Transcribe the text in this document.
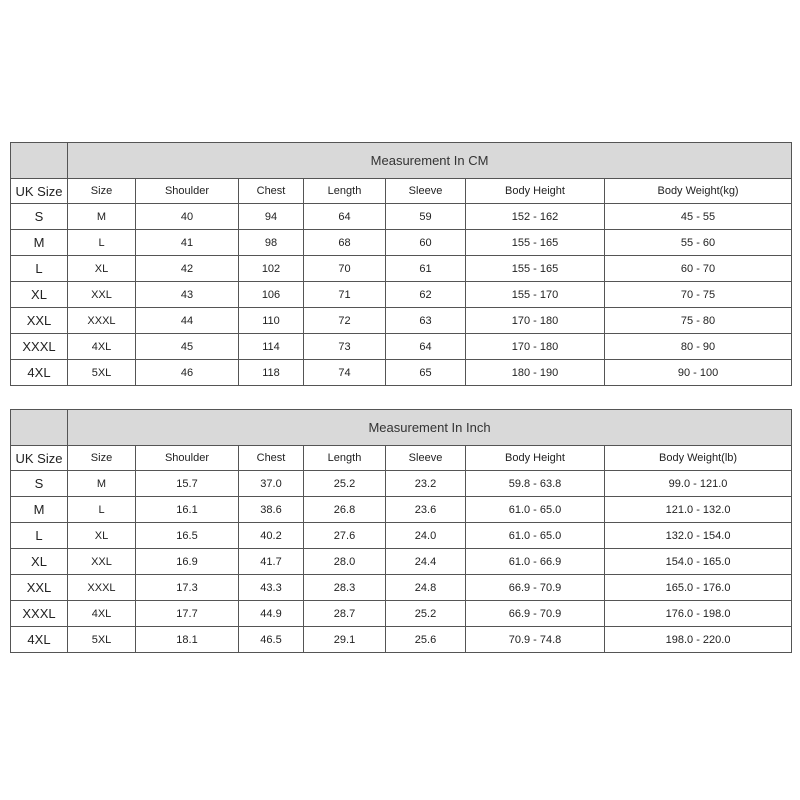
	Measurement In CM						
UK Size	Size	Shoulder	Chest	Length	Sleeve	Body Height	Body Weight(kg)
S	M	40	94	64	59	152 - 162	45 - 55
M	L	41	98	68	60	155 - 165	55 - 60
L	XL	42	102	70	61	155 - 165	60 - 70
XL	XXL	43	106	71	62	155 - 170	70 - 75
XXL	XXXL	44	110	72	63	170 - 180	75 - 80
XXXL	4XL	45	114	73	64	170 - 180	80 - 90
4XL	5XL	46	118	74	65	180 - 190	90 - 100
	Measurement In Inch						
UK Size	Size	Shoulder	Chest	Length	Sleeve	Body Height	Body Weight(lb)
S	M	15.7	37.0	25.2	23.2	59.8 - 63.8	99.0 - 121.0
M	L	16.1	38.6	26.8	23.6	61.0 - 65.0	121.0 - 132.0
L	XL	16.5	40.2	27.6	24.0	61.0 - 65.0	132.0 - 154.0
XL	XXL	16.9	41.7	28.0	24.4	61.0 - 66.9	154.0 - 165.0
XXL	XXXL	17.3	43.3	28.3	24.8	66.9 - 70.9	165.0 - 176.0
XXXL	4XL	17.7	44.9	28.7	25.2	66.9 - 70.9	176.0 - 198.0
4XL	5XL	18.1	46.5	29.1	25.6	70.9 - 74.8	198.0 - 220.0
